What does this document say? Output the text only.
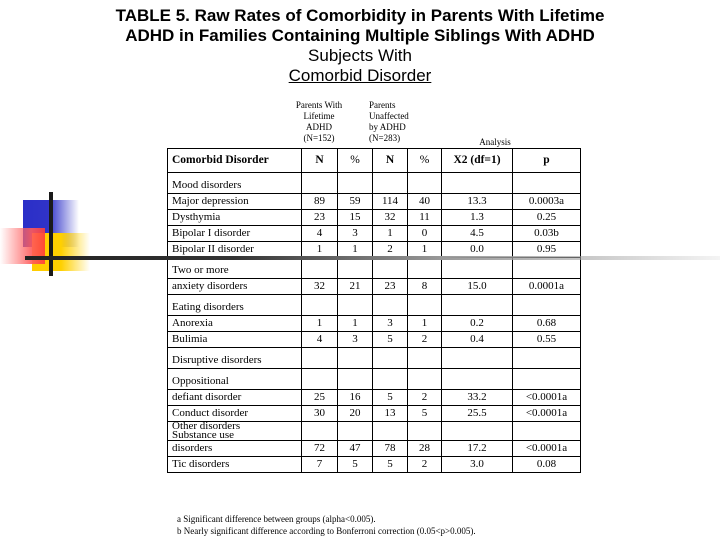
TABLE 5. Raw Rates of Comorbidity in Parents With Lifetime
ADHD in Families Containing Multiple Siblings With ADHD
Subjects With
Comorbid Disorder
Parents With
Lifetime
ADHD
(N=152)
Parents
Unaffected
by ADHD
(N=283)	Analysis
Comorbid Disorder	N	%	N	%	X2 (df=1)	p
Mood disorders						
Major depression	89	59	114	40	13.3	0.0003a
Dysthymia	23	15	32	11	1.3	0.25
Bipolar I disorder	4	3	1	0	4.5	0.03b
Bipolar II disorder	1	1	2	1	0.0	0.95
Two or more						
anxiety disorders	32	21	23	8	15.0	0.0001a
Eating disorders						
Anorexia	1	1	3	1	0.2	0.68
Bulimia	4	3	5	2	0.4	0.55
Disruptive disorders						
Oppositional						
defiant disorder	25	16	5	2	33.2	<0.0001a
Conduct disorder	30	20	13	5	25.5	<0.0001a

Other disorders
Substance use						

disorders	72	47	78	28	17.2	<0.0001a
Tic disorders	7	5	5	2	3.0	0.08
a Significant difference between groups (alpha<0.005).
b Nearly significant difference according to Bonferroni correction (0.05<p>0.005).
